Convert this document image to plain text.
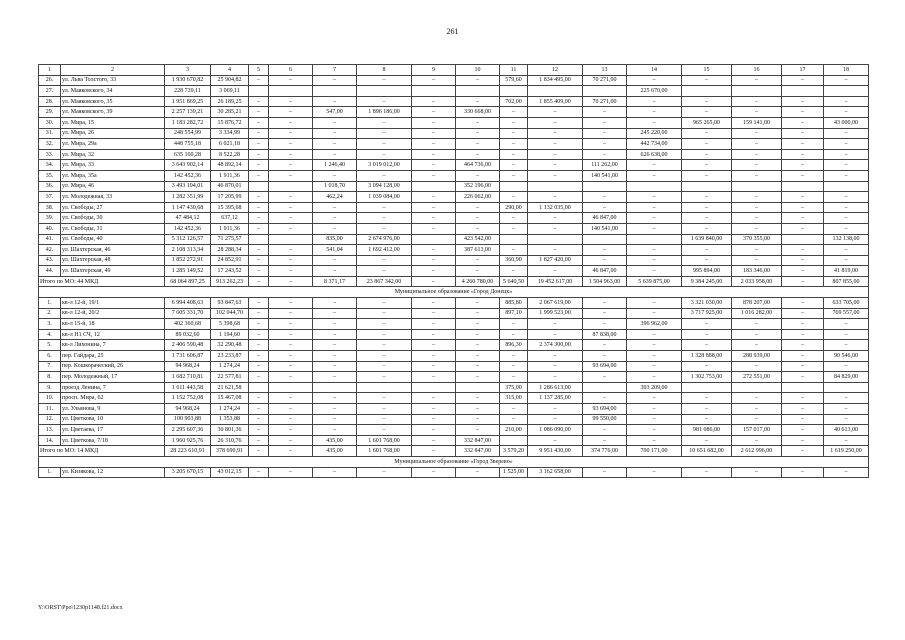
261
1	2	3	4	5	6	7	8	9	10	11	12	13	14	15	16	17	18
26.	ул. Льва Толстого, 33	1 930 670,82	25 904,82	–	–	–	–	–	–	579,60	1 834 495,00	70 271,00	–	–	–	–	–
27.	ул. Маяковского, 34	228 739,11	3 069,11										225 670,00				
28.	ул. Маяковского, 35	1 951 869,25	26 189,25	–	–	–	–	–	–	702,00	1 855 409,00	70 271,00	–	–	–	–	–
29.	ул. Маяковского, 39	2 257 139,21	30 285,21	–	–	547,00	1 896 186,00	–	330 668,00	–	–	–	–	–	–	–	–
30.	ул. Мира, 15	1 183 282,72	15 876,72	–	–	–	–	–	–	–	–	–	–	965 265,00	159 141,00	–	43 000,00
31.	ул. Мира, 26	248 554,99	3 334,99	–	–	–	–	–	–	–	–	–	245 220,00	–	–	–	–
32.	ул. Мира, 29а	448 755,18	6 021,18	–	–	–	–	–	–	–	–	–	442 734,00	–	–	–	–
33.	ул. Мира, 32	635 160,28	8 522,28	–	–	–	–	–	–	–	–	–	626 638,00	–	–	–	–
34.	ул. Мира, 33	3 643 902,14	48 892,14	–	–	1 246,40	3 019 012,00	–	464 736,00	–	–	111 262,00	–	–	–	–	–
35.	ул. Мира, 35а	142 452,36	1 911,36	–	–	–	–	–	–	–	–	140 541,00	–	–	–	–	–
36.	ул. Мира, 46	3 493 194,01	46 870,01			1 018,70	3 094 128,00		352 196,00								
37.	ул. Молодежная, 33	1 282 351,99	17 205,99	–	–	462,24	1 039 084,00	–	226 062,00	–	–	–	–	–	–	–	–
38.	ул. Свободы, 27	1 147 430,68	15 395,68	–	–	–	–	–	–	290,00	1 132 035,00	–	–	–	–	–	–
39.	ул. Свободы, 30	47 484,12	637,12	–	–	–	–	–	–	–	–	46 847,00	–	–	–	–	–
40.	ул. Свободы, 31	142 452,36	1 911,36	–	–	–	–	–	–	–	–	140 541,00	–	–	–	–	–
41.	ул. Свободы, 40	5 312 126,57	71 275,57			835,00	2 674 976,00		423 542,00					1 639 840,00	370 355,00		132 138,00
42.	ул. Шахтерская, 46	2 108 313,34	28 288,34	–	–	541,04	1 692 412,00	–	387 613,00	–	–	–	–	–	–	–	–
43.	ул. Шахтерская, 48	1 852 272,91	24 852,91	–	–	–	–	–	–	360,90	1 827 420,00	–	–	–	–	–	–
44.	ул. Шахтерская, 49	1 285 149,52	17 243,52	–	–	–	–	–	–	–	–	46 847,00	–	995 894,00	183 346,00	–	41 819,00
Итого по МО: 44 МКД		68 064 897,25	913 262,23	–	–	8 371,17	23 867 342,00	–	4 260 780,00	5 640,50	19 452 617,00	1 504 963,00	5 639 875,00	9 384 245,00	2 033 958,00	–	807 855,00
Муниципальное образование «Город Донецк»																	
1.	кв-л 12-й, 19/1	6 994 408,63	93 847,63	–	–	–	–	–	–	885,80	2 067 619,00	–	–	3 321 030,00	878 207,00	–	633 705,00
2.	кв-л 12-й, 20/2	7 605 331,70	102 044,70	–	–	–	–	–	–	897,10	1 999 523,00	–	–	3 717 925,00	1 016 282,00	–	769 557,00
3.	кв-л 15-й, 18	402 360,68	5 398,68	–	–	–	–	–	–	–	–	–	396 962,00	–	–	–	–
4.	кв-л Н1 СЧ, 12	89 032,60	1 194,60	–	–	–	–	–	–	–	–	87 838,00	–	–	–	–	–
5.	кв-л Лихонина, 7	2 406 590,48	32 290,48	–	–	–	–	–	–	896,30	2 374 300,00	–	–	–	–	–	–
6.	пер. Гайдара, 25	1 731 606,87	23 233,87	–	–	–	–	–	–	–	–	–	–	1 328 888,00	288 939,00	–	90 546,00
7.	пер. Кошкораческий, 26	94 968,24	1 274,24	–	–	–	–	–	–	–	–	93 694,00	–	–	–	–	–
8.	пер. Молодежный, 17	1 682 710,81	22 577,81	–	–	–	–	–	–	–	–	–	–	1 302 753,00	272 551,00	–	84 829,00
9.	проезд Ленина, 7	1 611 443,58	21 621,58							375,00	1 286 613,00		303 209,00				
10.	просп. Мира, 62	1 152 752,08	15 467,08	–	–	–	–	–	–	315,00	1 137 285,00	–	–	–	–	–	–
11.	ул. Ульянова, 9	94 968,24	1 274,24	–	–	–	–	–	–	–	–	93 694,00	–	–	–	–	–
12.	ул. Цветкова, 10	100 903,88	1 353,88	–	–	–	–	–	–	–	–	99 550,00	–	–	–	–	–
13.	ул. Цветаева, 17	2 295 607,36	30 801,36	–	–	–	–	–	–	210,00	1 086 090,00	–	–	981 086,00	157 017,00	–	40 613,00
14.	ул. Цветкова, 7/18	1 960 925,76	26 310,76	–	–	435,00	1 601 768,00	–	332 847,00		–	–	–	–	–	–	–
Итого по МО: 14 МКД		28 223 610,91	378 690,91	–	–	435,00	1 601 768,00	–	332 847,00	3 579,20	9 951 430,00	374 776,00	700 171,00	10 651 682,00	2 612 996,00	–	1 619 250,00
Муниципальное образование «Город Зверево»																	
1.	ул. Кизякова, 12	3 205 670,15	43 012,15	–	–	–	–	–	–	1 525,00	3 162 658,00	–	–	–	–	–	–
Y:\ORST\Ppo\1230p1148.f21.docx
